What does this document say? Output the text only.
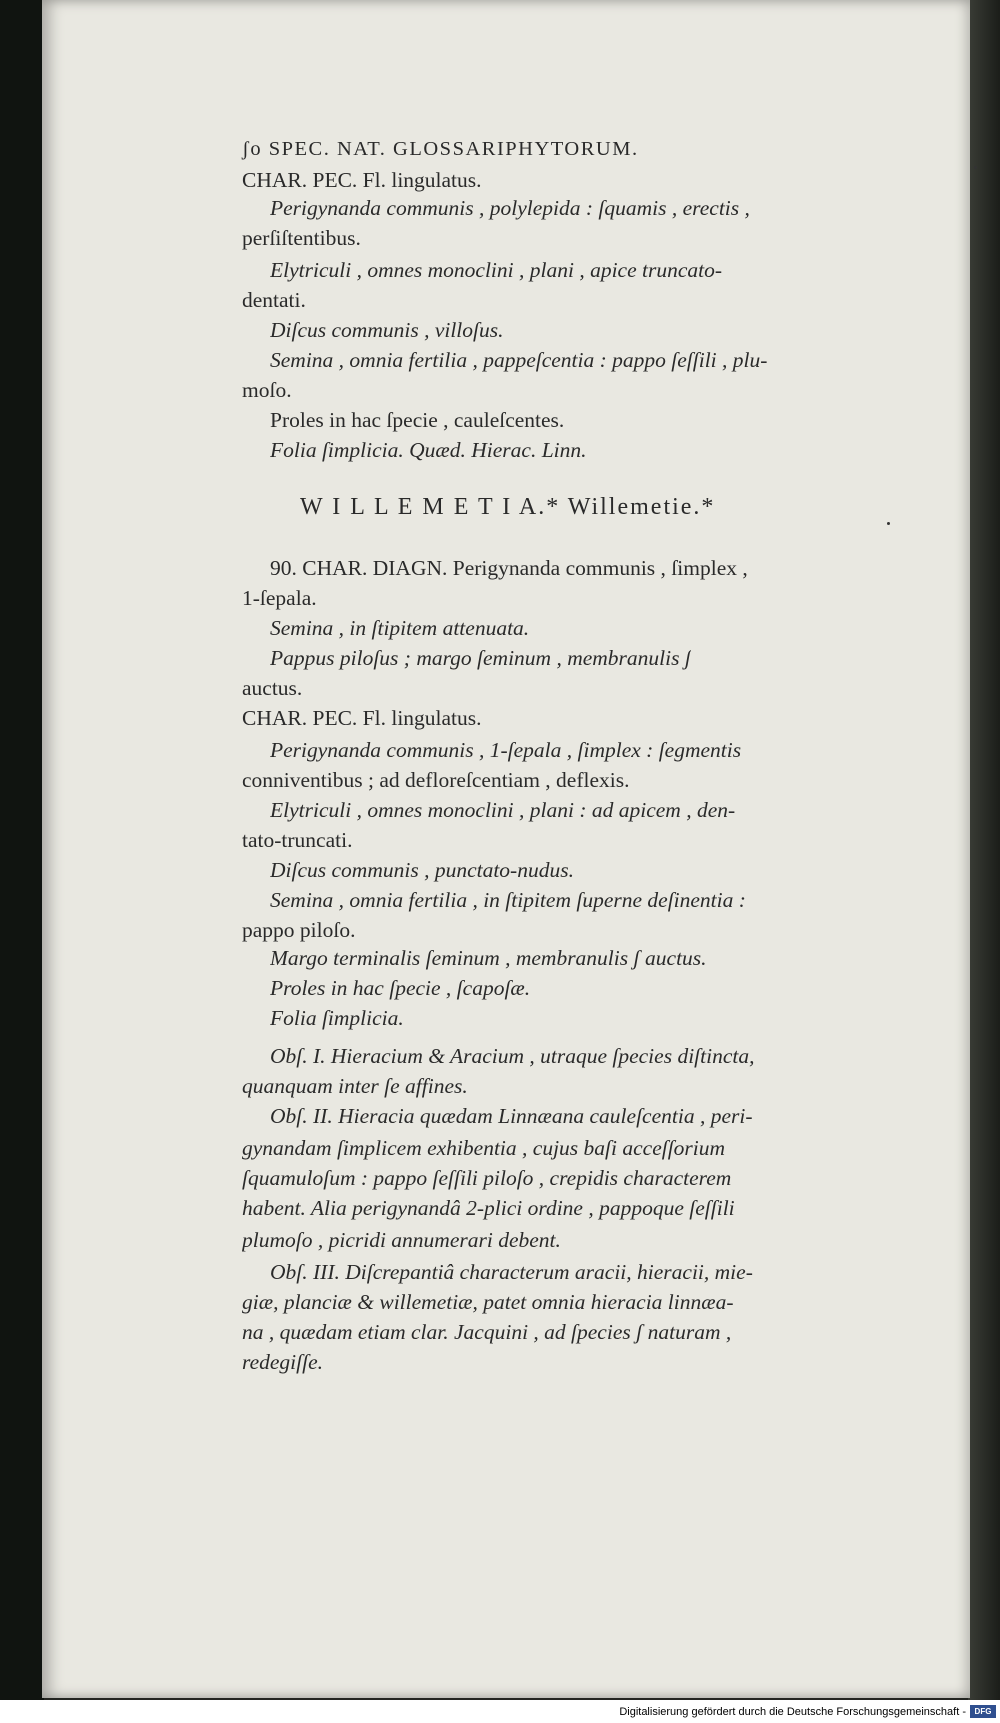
ʃo SPEC. NAT. GLOSSARIPHYTORUM.
CHAR. PEC. Fl. lingulatus.
Perigynanda communis , polylepida : ſquamis , erectis ,
perſiſtentibus.
Elytriculi , omnes monoclini , plani , apice truncato-
dentati.
Diſcus communis , villoſus.
Semina , omnia fertilia , pappeſcentia : pappo ſeſſili , plu-
moſo.
Proles in hac ſpecie , cauleſcentes.
Folia ſimplicia. Quæd. Hierac. Linn.
W I L L E M E T I A.* Willemetie.*
90. CHAR. DIAGN. Perigynanda communis , ſimplex ,
1-ſepala.
Semina , in ſtipitem attenuata.
Pappus piloſus ; margo ſeminum , membranulis ʃ
auctus.
CHAR. PEC. Fl. lingulatus.
Perigynanda communis , 1-ſepala , ſimplex : ſegmentis
conniventibus ; ad defloreſcentiam , deflexis.
Elytriculi , omnes monoclini , plani : ad apicem , den-
tato-truncati.
Diſcus communis , punctato-nudus.
Semina , omnia fertilia , in ſtipitem ſuperne deſinentia :
pappo piloſo.
Margo terminalis ſeminum , membranulis ʃ auctus.
Proles in hac ſpecie , ſcapoſæ.
Folia ſimplicia.
Obſ. I. Hieracium & Aracium , utraque ſpecies diſtincta,
quanquam inter ſe affines.
Obſ. II. Hieracia quædam Linnæana cauleſcentia , peri-
gynandam ſimplicem exhibentia , cujus baſi acceſſorium
ſquamuloſum : pappo ſeſſili piloſo , crepidis characterem
habent. Alia perigynandâ 2-plici ordine , pappoque ſeſſili
plumoſo , picridi annumerari debent.
Obſ. III. Diſcrepantiâ characterum aracii, hieracii, mie-
giæ, planciæ & willemetiæ, patet omnia hieracia linnæa-
na , quædam etiam clar. Jacquini , ad ſpecies ʃ naturam ,
redegiſſe.
Digitalisierung gefördert durch die Deutsche Forschungsgemeinschaft -	DFG
